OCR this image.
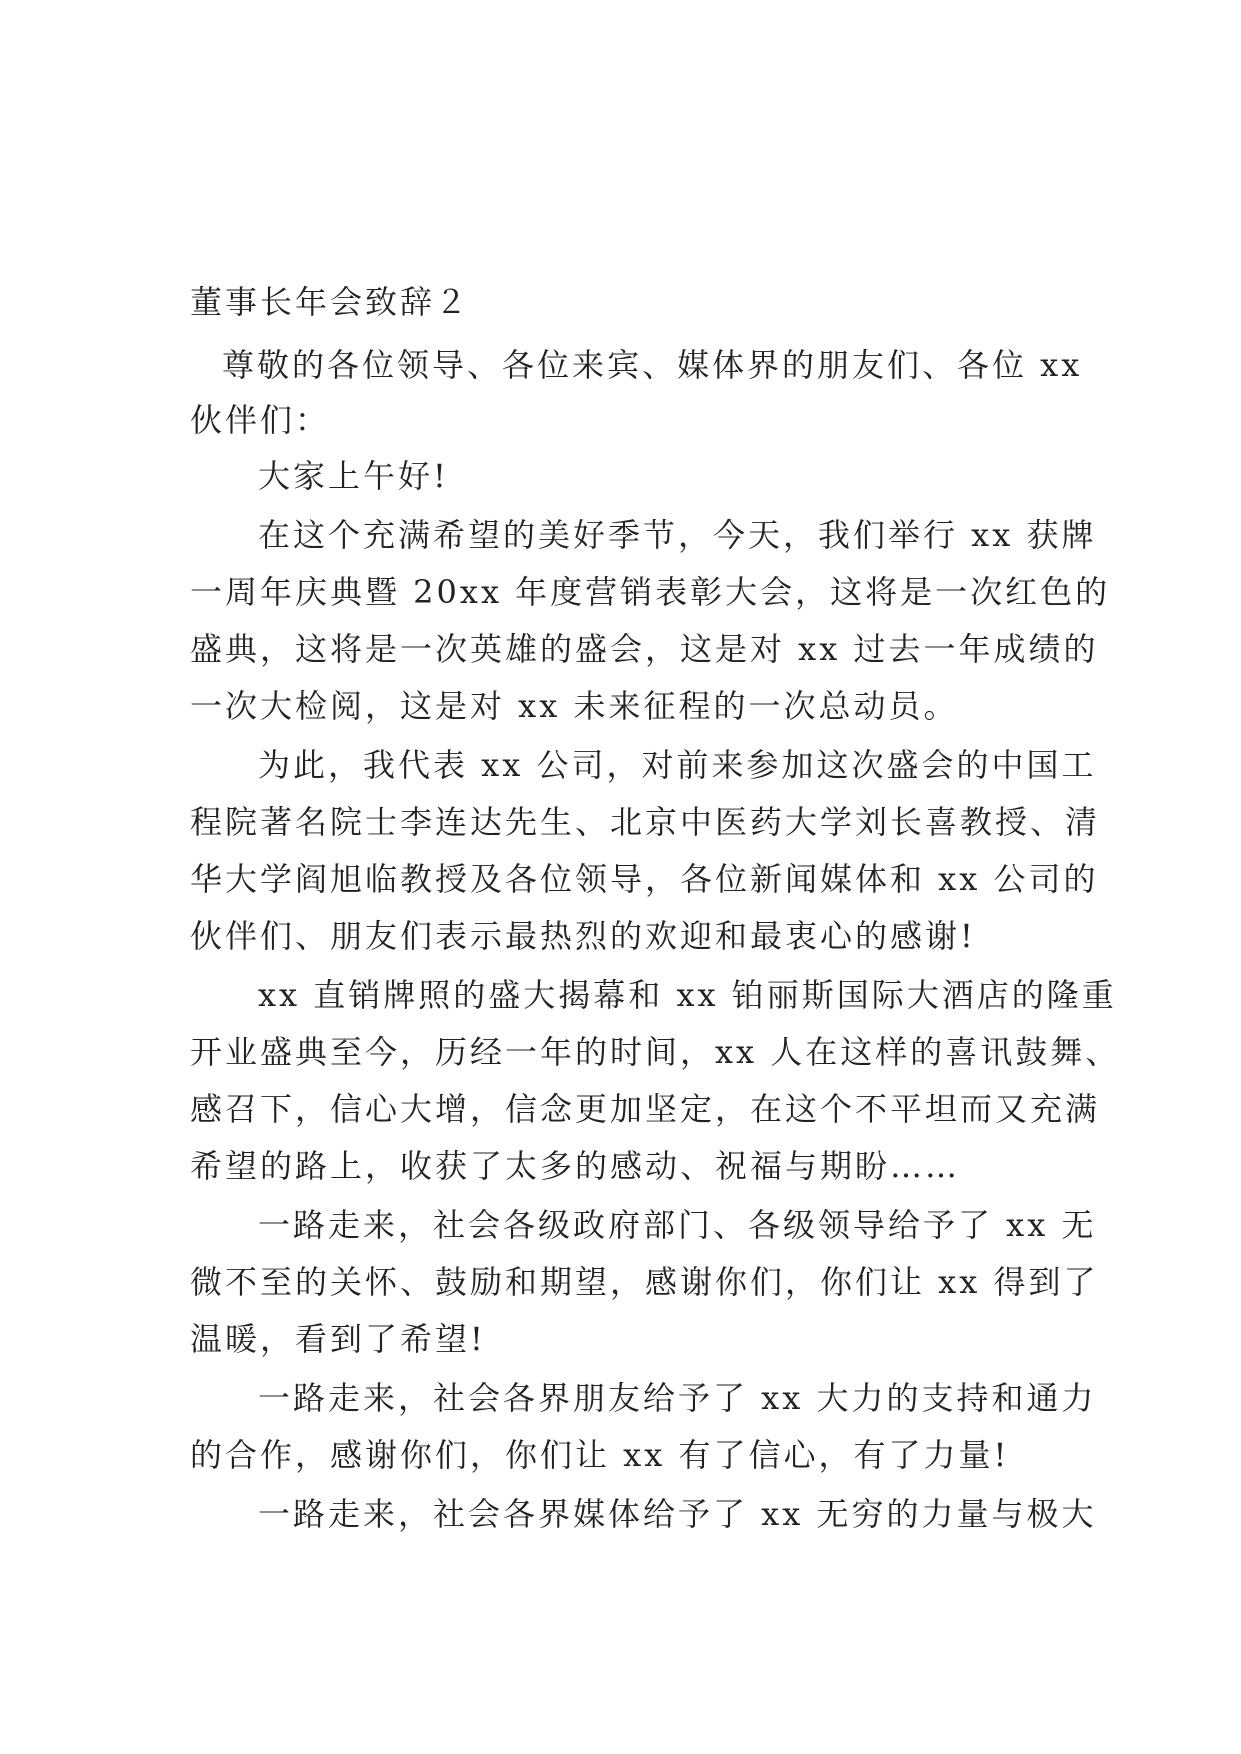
董事长年会致辞２
尊敬的各位领导、各位来宾、媒体界的朋友们、各位 xx
伙伴们：
大家上午好!
在这个充满希望的美好季节，今天，我们举行 xx 获牌
一周年庆典暨 20xx 年度营销表彰大会，这将是一次红色的
盛典，这将是一次英雄的盛会，这是对 xx 过去一年成绩的
一次大检阅，这是对 xx 未来征程的一次总动员。
为此，我代表 xx 公司，对前来参加这次盛会的中国工
程院著名院士李连达先生、北京中医药大学刘长喜教授、清
华大学阎旭临教授及各位领导，各位新闻媒体和 xx 公司的
伙伴们、朋友们表示最热烈的欢迎和最衷心的感谢!
xx 直销牌照的盛大揭幕和 xx 铂丽斯国际大酒店的隆重
开业盛典至今，历经一年的时间，xx 人在这样的喜讯鼓舞、
感召下，信心大增，信念更加坚定，在这个不平坦而又充满
希望的路上，收获了太多的感动、祝福与期盼……
一路走来，社会各级政府部门、各级领导给予了 xx 无
微不至的关怀、鼓励和期望，感谢你们，你们让 xx 得到了
温暖，看到了希望!
一路走来，社会各界朋友给予了 xx 大力的支持和通力
的合作，感谢你们，你们让 xx 有了信心，有了力量!
一路走来，社会各界媒体给予了 xx 无穷的力量与极大
